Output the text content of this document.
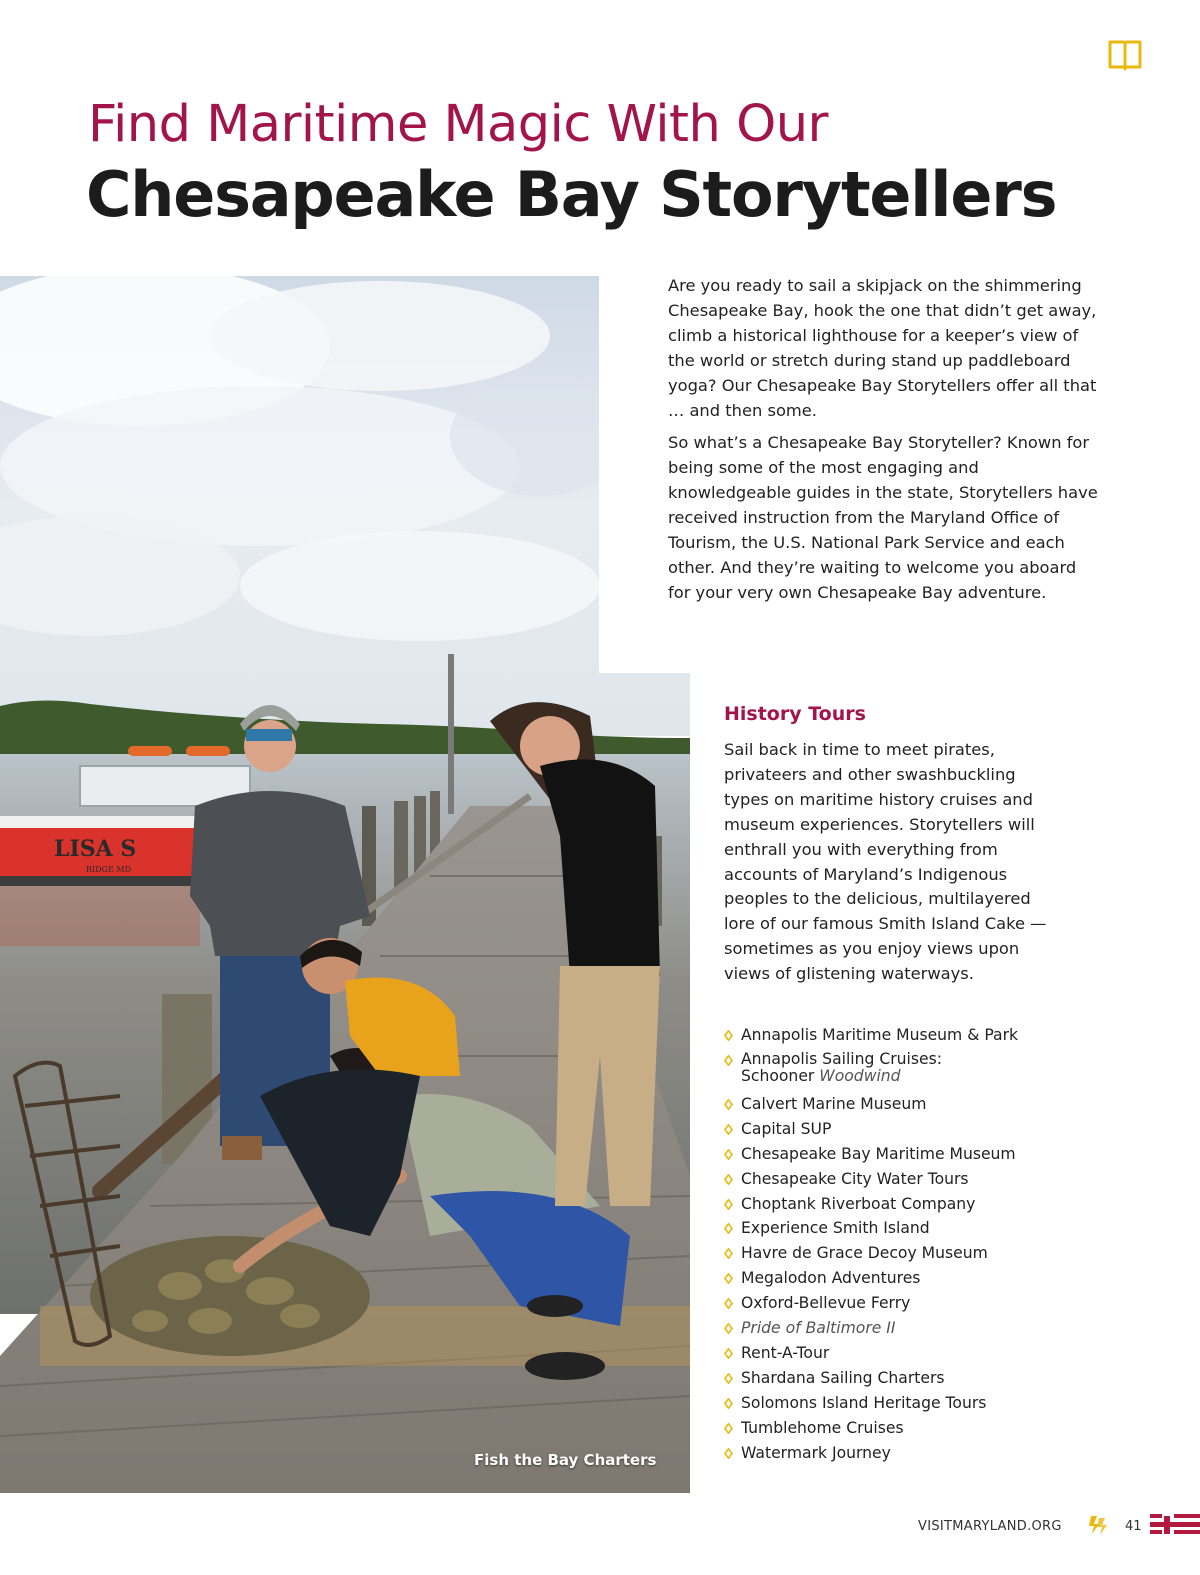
Find Maritime Magic With Our
Chesapeake Bay Storytellers
LISA S
RIDGE MD
Fish the Bay Charters

Are you ready to sail a skipjack on the shimmering Chesapeake Bay, hook the one that didn’t get away, climb a historical lighthouse for a keeper’s view of the world or stretch during stand up paddleboard yoga? Our Chesapeake Bay Storytellers offer all that … and then some.

So what’s a Chesapeake Bay Storyteller? Known for being some of the most engaging and knowledgeable guides in the state, Storytellers have received instruction from the Maryland Office of Tourism, the U.S. National Park Service and each other. And they’re waiting to welcome you aboard for your very own Chesapeake Bay adventure.

History Tours

Sail back in time to meet pirates, privateers and other swashbuckling types on maritime history cruises and museum experiences. Storytellers will enthrall you with everything from accounts of Maryland’s Indigenous peoples to the delicious, multilayered lore of our famous Smith Island Cake — sometimes as you enjoy views upon views of glistening waterways.

Annapolis Maritime Museum & Park
Annapolis Sailing Cruises:
Schooner Woodwind
Calvert Marine Museum
Capital SUP
Chesapeake Bay Maritime Museum
Chesapeake City Water Tours
Choptank Riverboat Company
Experience Smith Island
Havre de Grace Decoy Museum
Megalodon Adventures
Oxford-Bellevue Ferry
Pride of Baltimore II
Rent-A-Tour
Shardana Sailing Charters
Solomons Island Heritage Tours
Tumblehome Cruises
Watermark Journey
VISITMARYLAND.ORG	41
